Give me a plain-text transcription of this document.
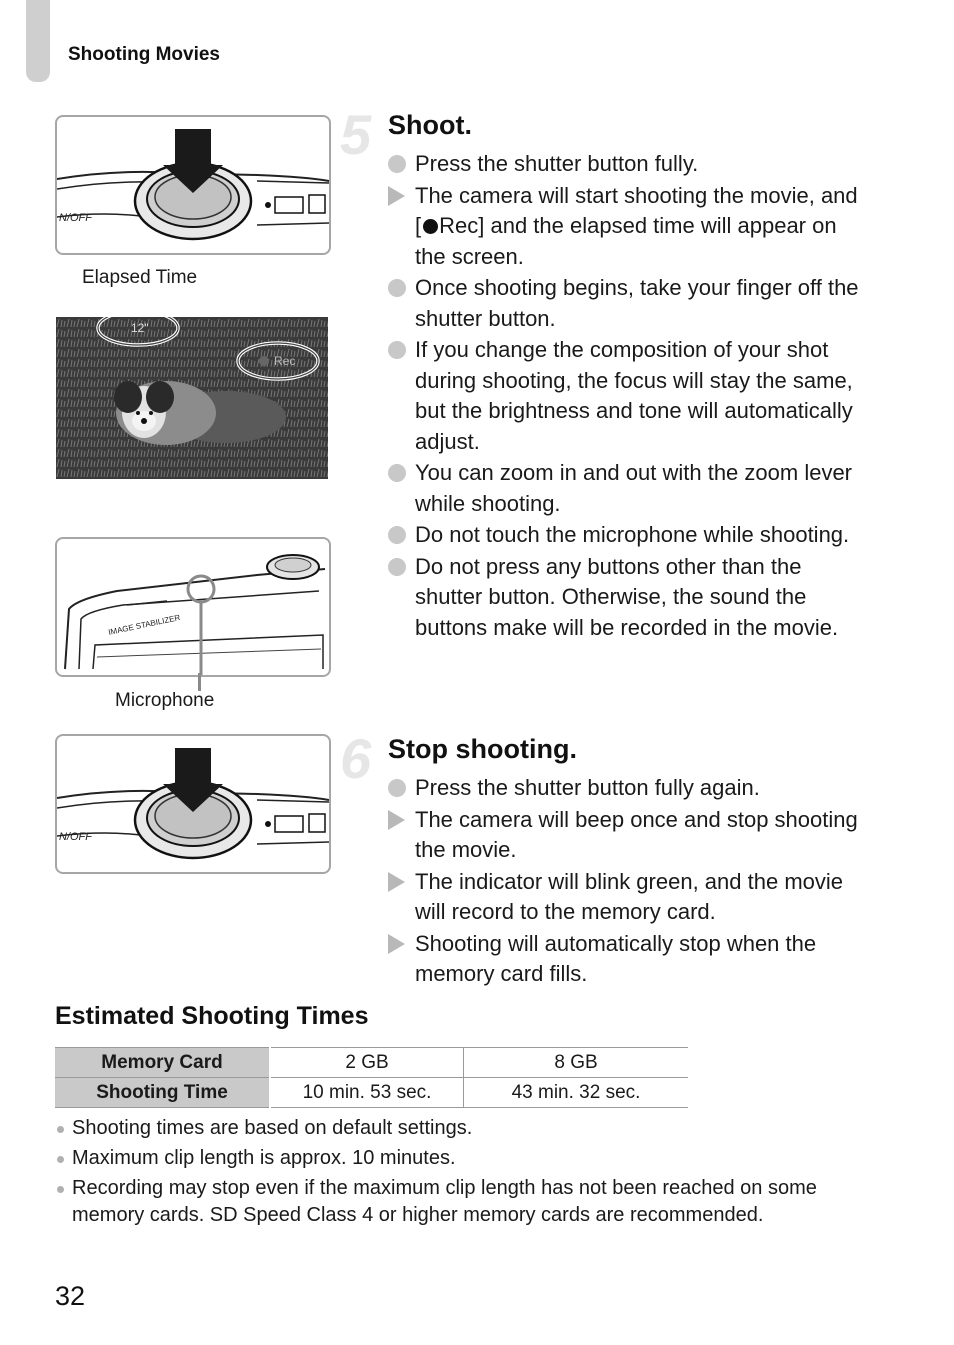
Shooting Movies
N/OFF
Elapsed Time
12"
Rec
IMAGE STABILIZER
Microphone
N/OFF
5 Shoot.
Press the shutter button fully.
The camera will start shooting the movie, and [ Rec] and the elapsed time will appear on the screen.
Once shooting begins, take your finger off the shutter button.
If you change the composition of your shot during shooting, the focus will stay the same, but the brightness and tone will automatically adjust.
You can zoom in and out with the zoom lever while shooting.
Do not touch the microphone while shooting.
Do not press any buttons other than the shutter button. Otherwise, the sound the buttons make will be recorded in the movie.
6 Stop shooting.
Press the shutter button fully again.
The camera will beep once and stop shooting the movie.
The indicator will blink green, and the movie will record to the memory card.
Shooting will automatically stop when the memory card fills.
Estimated Shooting Times
Memory Card	2 GB	8 GB
Shooting Time	10 min. 53 sec.	43 min. 32 sec.
Shooting times are based on default settings.
Maximum clip length is approx. 10 minutes.
Recording may stop even if the maximum clip length has not been reached on some memory cards. SD Speed Class 4 or higher memory cards are recommended.
32
